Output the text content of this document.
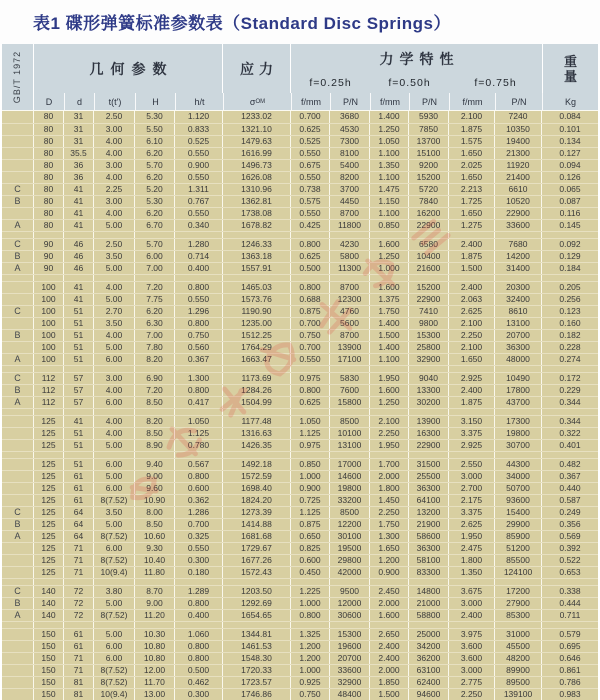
表1 碟形弹簧标准参数表（Standard Disc Springs）
GB/T 1972	几何参数	应力
力学特性	重量
f=0.25h	f=0.50h	f=0.75h
D	d	t(t')	H	h/t	σ OM	f/mm	P/N	f/mm	P/N	f/mm	P/N	Kg
80	31	2.50	5.30	1.120	1233.02	0.700	3680	1.400	5930	2.100	7240	0.084
80	31	3.00	5.50	0.833	1321.10	0.625	4530	1.250	7850	1.875	10350	0.101
80	31	4.00	6.10	0.525	1479.63	0.525	7300	1.050	13700	1.575	19400	0.134
80	35.5	4.00	6.20	0.550	1616.99	0.550	8100	1.100	15100	1.650	21300	0.127
80	36	3.00	5.70	0.900	1496.73	0.675	5400	1.350	9200	2.025	11920	0.094
80	36	4.00	6.20	0.550	1626.08	0.550	8200	1.100	15200	1.650	21400	0.126
C	80	41	2.25	5.20	1.311	1310.96	0.738	3700	1.475	5720	2.213	6610	0.065
B	80	41	3.00	5.30	0.767	1362.81	0.575	4450	1.150	7840	1.725	10520	0.087
80	41	4.00	6.20	0.550	1738.08	0.550	8700	1.100	16200	1.650	22900	0.116
A	80	41	5.00	6.70	0.340	1678.82	0.425	11800	0.850	22900	1.275	33600	0.145
C	90	46	2.50	5.70	1.280	1246.33	0.800	4230	1.600	6580	2.400	7680	0.092
B	90	46	3.50	6.00	0.714	1363.18	0.625	5800	1.250	10400	1.875	14200	0.129
A	90	46	5.00	7.00	0.400	1557.91	0.500	11300	1.000	21600	1.500	31400	0.184
100	41	4.00	7.20	0.800	1465.03	0.800	8700	1.600	15200	2.400	20300	0.205
100	41	5.00	7.75	0.550	1573.76	0.688	12300	1.375	22900	2.063	32400	0.256
C	100	51	2.70	6.20	1.296	1190.90	0.875	4760	1.750	7410	2.625	8610	0.123
100	51	3.50	6.30	0.800	1235.00	0.700	5600	1.400	9800	2.100	13100	0.160
B	100	51	4.00	7.00	0.750	1512.25	0.750	8700	1.500	15300	2.250	20700	0.182
100	51	5.00	7.80	0.560	1764.29	0.700	13900	1.400	25800	2.100	36300	0.228
A	100	51	6.00	8.20	0.367	1663.47	0.550	17100	1.100	32900	1.650	48000	0.274
C	112	57	3.00	6.90	1.300	1173.69	0.975	5830	1.950	9040	2.925	10490	0.172
B	112	57	4.00	7.20	0.800	1284.26	0.800	7600	1.600	13300	2.400	17800	0.229
A	112	57	6.00	8.50	0.417	1504.99	0.625	15800	1.250	30200	1.875	43700	0.344
125	41	4.00	8.20	1.050	1177.48	1.050	8500	2.100	13900	3.150	17300	0.344
125	51	4.00	8.50	1.125	1316.63	1.125	10100	2.250	16300	3.375	19800	0.322
125	51	5.00	8.90	0.780	1426.35	0.975	13100	1.950	22900	2.925	30700	0.401
125	51	6.00	9.40	0.567	1492.18	0.850	17000	1.700	31500	2.550	44300	0.482
125	61	5.00	9.00	0.800	1572.59	1.000	14600	2.000	25500	3.000	34000	0.367
125	61	6.00	9.60	0.600	1698.40	0.900	19800	1.800	36300	2.700	50700	0.440
125	61	8(7.52)	10.90	0.362	1824.20	0.725	33200	1.450	64100	2.175	93600	0.587
C	125	64	3.50	8.00	1.286	1273.39	1.125	8500	2.250	13200	3.375	15400	0.249
B	125	64	5.00	8.50	0.700	1414.88	0.875	12200	1.750	21900	2.625	29900	0.356
A	125	64	8(7.52)	10.60	0.325	1681.68	0.650	30100	1.300	58600	1.950	85900	0.569
125	71	6.00	9.30	0.550	1729.67	0.825	19500	1.650	36300	2.475	51200	0.392
125	71	8(7.52)	10.40	0.300	1677.26	0.600	29800	1.200	58100	1.800	85500	0.522
125	71	10(9.4)	11.80	0.180	1572.43	0.450	42000	0.900	83300	1.350	124100	0.653
C	140	72	3.80	8.70	1.289	1203.50	1.225	9500	2.450	14800	3.675	17200	0.338
B	140	72	5.00	9.00	0.800	1292.69	1.000	12000	2.000	21000	3.000	27900	0.444
A	140	72	8(7.52)	11.20	0.400	1654.65	0.800	30600	1.600	58800	2.400	85300	0.711
150	61	5.00	10.30	1.060	1344.81	1.325	15300	2.650	25000	3.975	31000	0.579
150	61	6.00	10.80	0.800	1461.53	1.200	19600	2.400	34200	3.600	45500	0.695
150	71	6.00	10.80	0.800	1548.30	1.200	20700	2.400	36200	3.600	48200	0.646
150	71	8(7.52)	12.00	0.500	1720.33	1.000	33600	2.000	63100	3.000	89900	0.861
150	81	8(7.52)	11.70	0.462	1723.57	0.925	32900	1.850	62400	2.775	89500	0.786
150	81	10(9.4)	13.00	0.300	1746.86	0.750	48400	1.500	94600	2.250	139100	0.983
